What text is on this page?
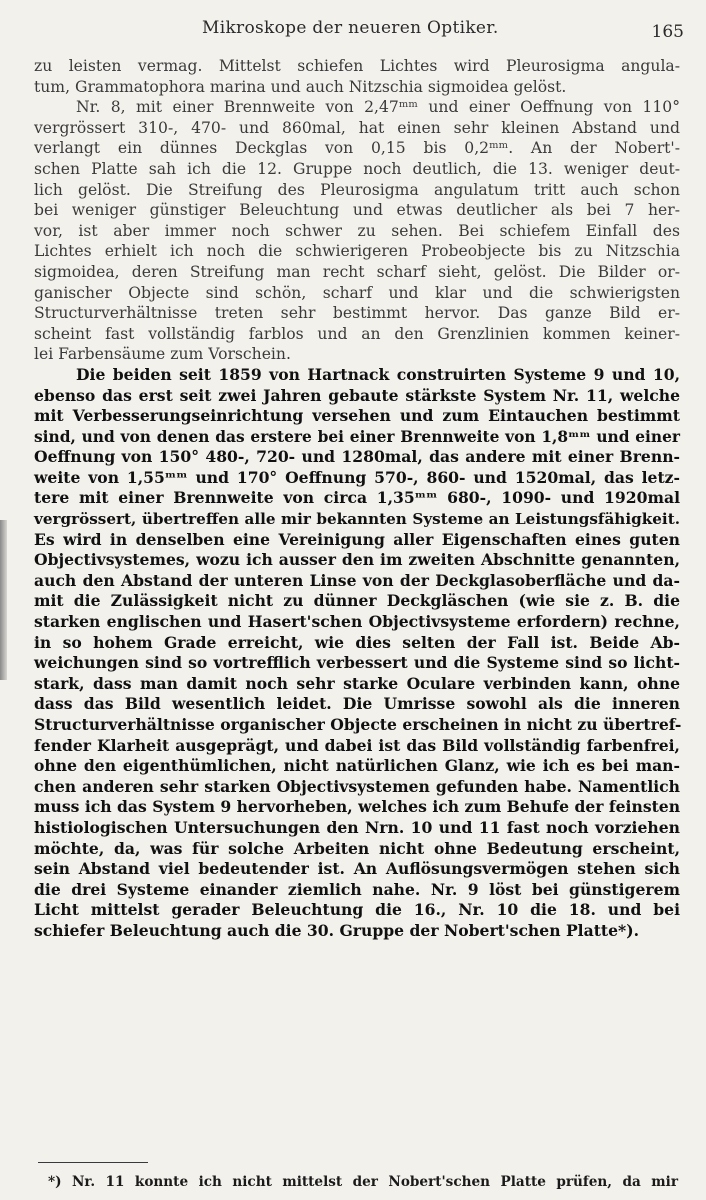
Mikroskope der neueren Optiker.	165
zu leisten vermag. Mittelst schiefen Lichtes wird Pleurosigma angula-
tum, Grammatophora marina und auch Nitzschia sigmoidea gelöst.
Nr. 8, mit einer Brennweite von 2,47ᵐᵐ und einer Oeffnung von 110°
vergrössert 310-, 470- und 860mal, hat einen sehr kleinen Abstand und
verlangt ein dünnes Deckglas von 0,15 bis 0,2ᵐᵐ. An der Nobert'-
schen Platte sah ich die 12. Gruppe noch deutlich, die 13. weniger deut-
lich gelöst. Die Streifung des Pleurosigma angulatum tritt auch schon
bei weniger günstiger Beleuchtung und etwas deutlicher als bei 7 her-
vor, ist aber immer noch schwer zu sehen. Bei schiefem Einfall des
Lichtes erhielt ich noch die schwierigeren Probeobjecte bis zu Nitzschia
sigmoidea, deren Streifung man recht scharf sieht, gelöst. Die Bilder or-
ganischer Objecte sind schön, scharf und klar und die schwierigsten
Structurverhältnisse treten sehr bestimmt hervor. Das ganze Bild er-
scheint fast vollständig farblos und an den Grenzlinien kommen keiner-
lei Farbensäume zum Vorschein.
Die beiden seit 1859 von Hartnack construirten Systeme 9 und 10,
ebenso das erst seit zwei Jahren gebaute stärkste System Nr. 11, welche
mit Verbesserungseinrichtung versehen und zum Eintauchen bestimmt
sind, und von denen das erstere bei einer Brennweite von 1,8ᵐᵐ und einer
Oeffnung von 150° 480-, 720- und 1280mal, das andere mit einer Brenn-
weite von 1,55ᵐᵐ und 170° Oeffnung 570-, 860- und 1520mal, das letz-
tere mit einer Brennweite von circa 1,35ᵐᵐ 680-, 1090- und 1920mal
vergrössert, übertreffen alle mir bekannten Systeme an Leistungsfähigkeit.
Es wird in denselben eine Vereinigung aller Eigenschaften eines guten
Objectivsystemes, wozu ich ausser den im zweiten Abschnitte genannten,
auch den Abstand der unteren Linse von der Deckglasoberfläche und da-
mit die Zulässigkeit nicht zu dünner Deckgläschen (wie sie z. B. die
starken englischen und Hasert'schen Objectivsysteme erfordern) rechne,
in so hohem Grade erreicht, wie dies selten der Fall ist. Beide Ab-
weichungen sind so vortrefflich verbessert und die Systeme sind so licht-
stark, dass man damit noch sehr starke Oculare verbinden kann, ohne
dass das Bild wesentlich leidet. Die Umrisse sowohl als die inneren
Structurverhältnisse organischer Objecte erscheinen in nicht zu übertref-
fender Klarheit ausgeprägt, und dabei ist das Bild vollständig farbenfrei,
ohne den eigenthümlichen, nicht natürlichen Glanz, wie ich es bei man-
chen anderen sehr starken Objectivsystemen gefunden habe. Namentlich
muss ich das System 9 hervorheben, welches ich zum Behufe der feinsten
histiologischen Untersuchungen den Nrn. 10 und 11 fast noch vorziehen
möchte, da, was für solche Arbeiten nicht ohne Bedeutung erscheint,
sein Abstand viel bedeutender ist. An Auflösungsvermögen stehen sich
die drei Systeme einander ziemlich nahe. Nr. 9 löst bei günstigerem
Licht mittelst gerader Beleuchtung die 16., Nr. 10 die 18. und bei
schiefer Beleuchtung auch die 30. Gruppe der Nobert'schen Platte*).
*) Nr. 11 konnte ich nicht mittelst der Nobert'schen Platte prüfen, da mir
